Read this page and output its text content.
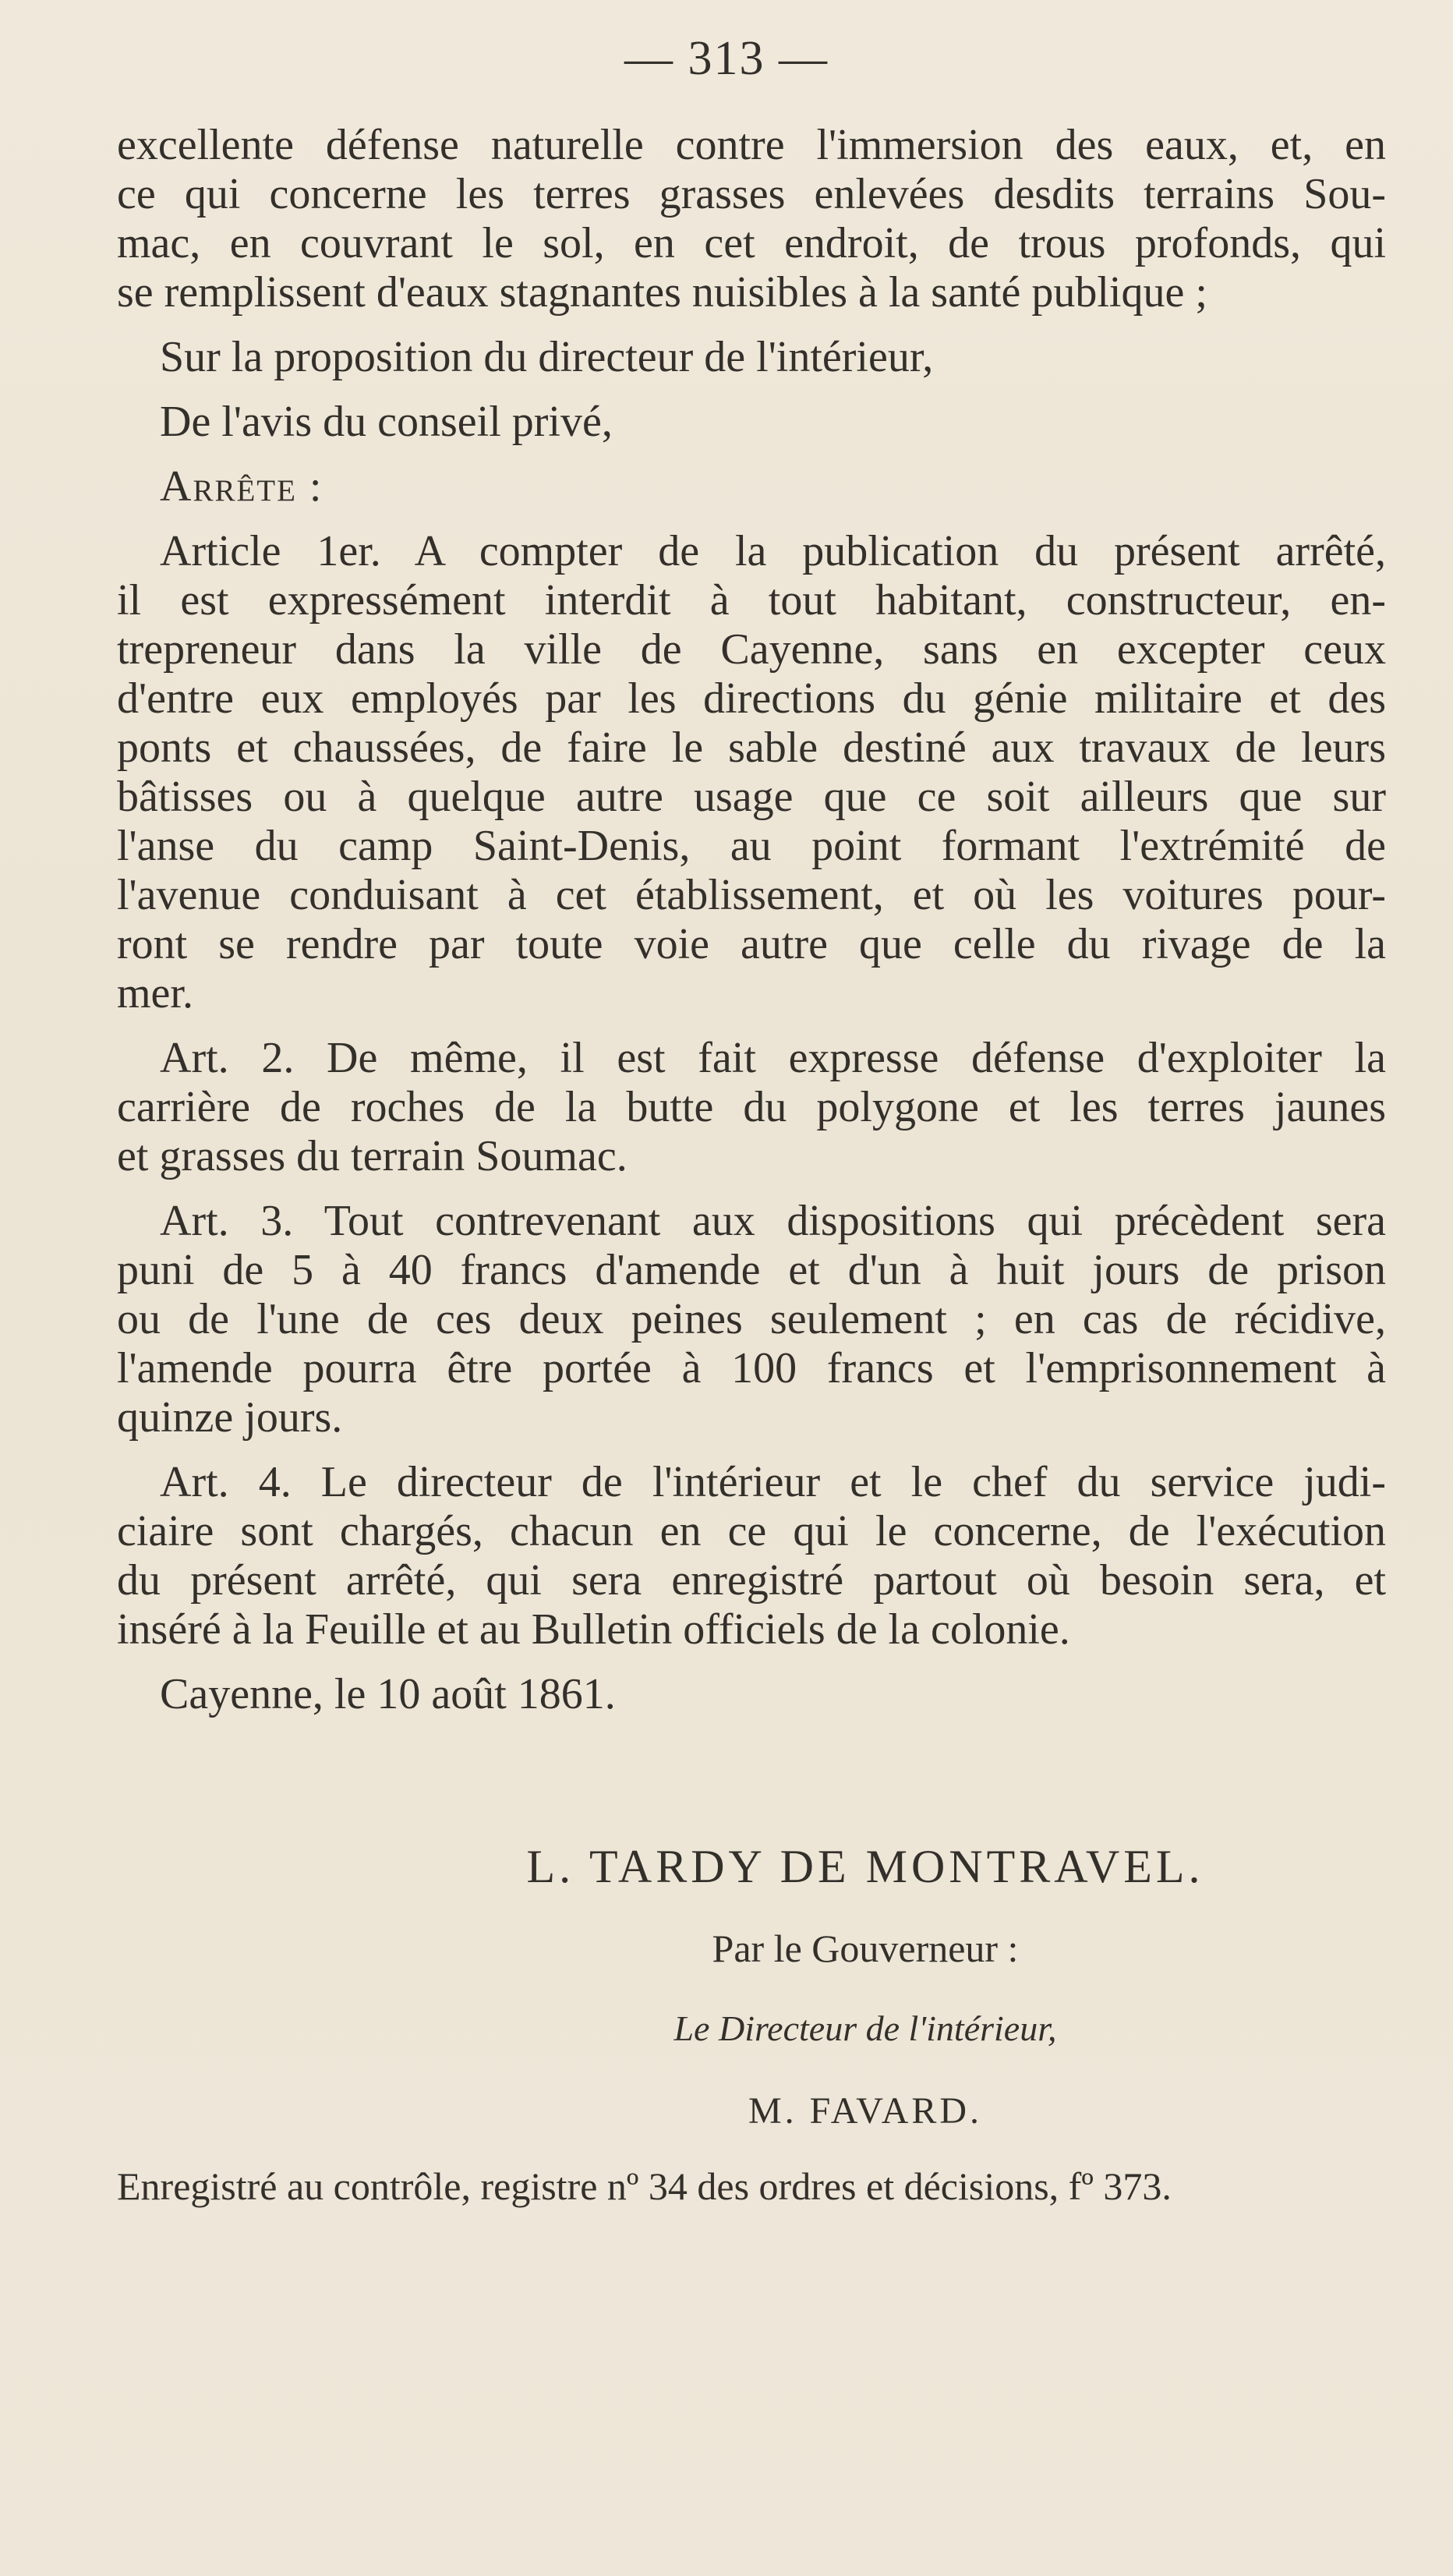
— 313 —
excellente défense naturelle contre l'immersion des eaux, et, en
ce qui concerne les terres grasses enlevées desdits terrains Sou-
mac, en couvrant le sol, en cet endroit, de trous profonds, qui
se remplissent d'eaux stagnantes nuisibles à la santé publique ;
Sur la proposition du directeur de l'intérieur,
De l'avis du conseil privé,
Arrête :
Article 1er. A compter de la publication du présent arrêté,
il est expressément interdit à tout habitant, constructeur, en-
trepreneur dans la ville de Cayenne, sans en excepter ceux
d'entre eux employés par les directions du génie militaire et des
ponts et chaussées, de faire le sable destiné aux travaux de leurs
bâtisses ou à quelque autre usage que ce soit ailleurs que sur
l'anse du camp Saint-Denis, au point formant l'extrémité de
l'avenue conduisant à cet établissement, et où les voitures pour-
ront se rendre par toute voie autre que celle du rivage de la
mer.
Art. 2. De même, il est fait expresse défense d'exploiter la
carrière de roches de la butte du polygone et les terres jaunes
et grasses du terrain Soumac.
Art. 3. Tout contrevenant aux dispositions qui précèdent sera
puni de 5 à 40 francs d'amende et d'un à huit jours de prison
ou de l'une de ces deux peines seulement ; en cas de récidive,
l'amende pourra être portée à 100 francs et l'emprisonnement à
quinze jours.
Art. 4. Le directeur de l'intérieur et le chef du service judi-
ciaire sont chargés, chacun en ce qui le concerne, de l'exécution
du présent arrêté, qui sera enregistré partout où besoin sera, et
inséré à la Feuille et au Bulletin officiels de la colonie.
Cayenne, le 10 août 1861.
L. TARDY DE MONTRAVEL.
Par le Gouverneur :
Le Directeur de l'intérieur,
M. FAVARD.
Enregistré au contrôle, registre nº 34 des ordres et décisions, fº 373.
